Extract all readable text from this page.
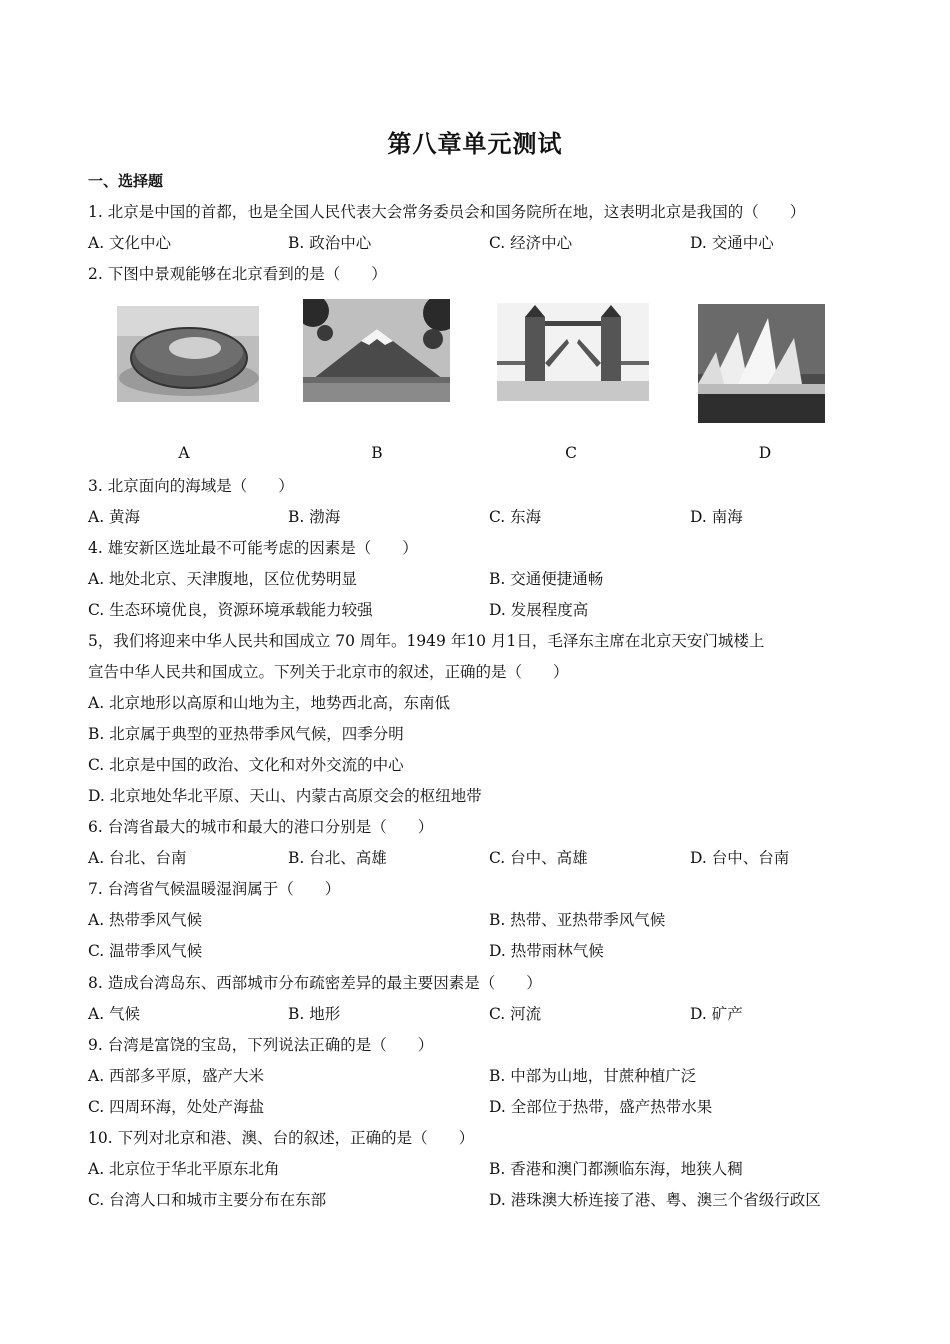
第八章单元测试
一、选择题
1. 北京是中国的首都，也是全国人民代表大会常务委员会和国务院所在地，这表明北京是我国的（　　）
A. 文化中心	B. 政治中心	C. 经济中心	D. 交通中心
2. 下图中景观能够在北京看到的是（　　）
A	B	C	D
3. 北京面向的海域是（　　）
A. 黄海	B. 渤海	C. 东海	D. 南海
4. 雄安新区选址最不可能考虑的因素是（　　）
A. 地处北京、天津腹地，区位优势明显	B. 交通便捷通畅
C. 生态环境优良，资源环境承载能力较强	D. 发展程度高
5，我们将迎来中华人民共和国成立 70 周年。1949 年10 月1日，毛泽东主席在北京天安门城楼上
宣告中华人民共和国成立。下列关于北京市的叙述，正确的是（　　）
A. 北京地形以高原和山地为主，地势西北高，东南低
B. 北京属于典型的亚热带季风气候，四季分明
C. 北京是中国的政治、文化和对外交流的中心
D. 北京地处华北平原、天山、内蒙古高原交会的枢纽地带
6. 台湾省最大的城市和最大的港口分别是（　　）
A. 台北、台南	B. 台北、高雄	C. 台中、高雄	D. 台中、台南
7. 台湾省气候温暖湿润属于（　　）
A. 热带季风气候	B. 热带、亚热带季风气候
C. 温带季风气候	D. 热带雨林气候
8. 造成台湾岛东、西部城市分布疏密差异的最主要因素是（　　）
A. 气候	B. 地形	C. 河流	D. 矿产
9. 台湾是富饶的宝岛，下列说法正确的是（　　）
A. 西部多平原，盛产大米	B. 中部为山地，甘蔗种植广泛
C. 四周环海，处处产海盐	D. 全部位于热带，盛产热带水果
10. 下列对北京和港、澳、台的叙述，正确的是（　　）
A. 北京位于华北平原东北角	B. 香港和澳门都濒临东海，地狭人稠
C. 台湾人口和城市主要分布在东部	D. 港珠澳大桥连接了港、粤、澳三个省级行政区
